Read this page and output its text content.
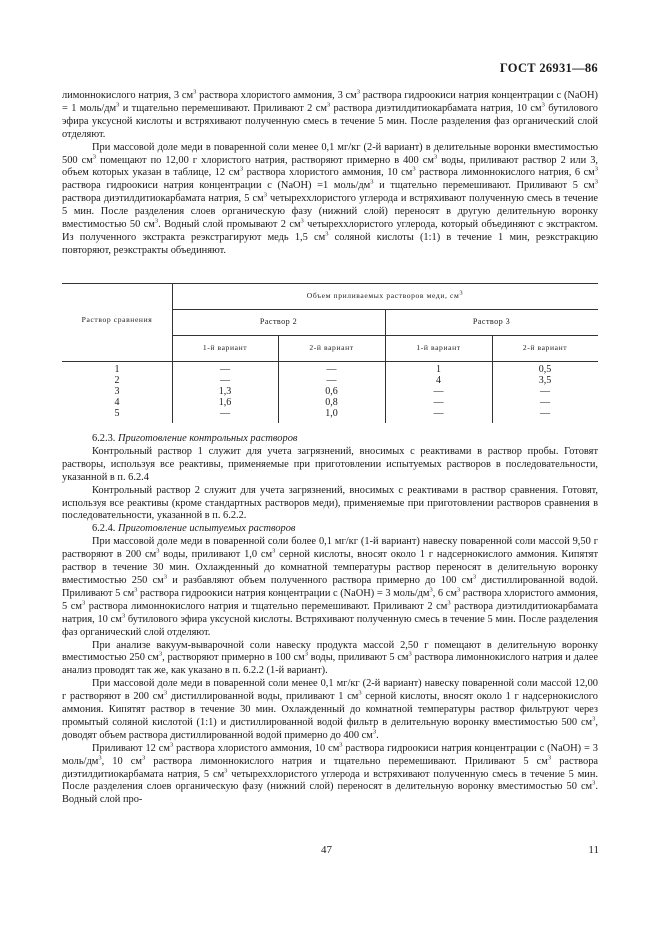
ГОСТ 26931—86

лимоннокислого натрия, 3 $см^3$ раствора хлористого аммония, 3 $см^3$ раствора гидроокиси натрия концентрации c (NaOH) = 1 моль/$дм^3$ и тщательно перемешивают. Приливают 2 $см^3$ раствора диэтилдитиокарбамата натрия, 10 $см^3$ бутилового эфира уксусной кислоты и встряхивают полученную смесь в течение 5 мин. После разделения фаз органический слой отделяют.

При массовой доле меди в поваренной соли менее 0,1 мг/кг (2-й вариант) в делительные воронки вместимостью 500 $см^3$ помещают по 12,00 г хлористого натрия, растворяют примерно в 400 $см^3$ воды, приливают раствор 2 или 3, объем которых указан в таблице, 12 $см^3$ раствора хлористого аммония, 10 $см^3$ раствора лимоннокислого натрия, 6 $см^3$ раствора гидроокиси натрия концентрации c (NaOH) =1 моль/$дм^3$ и тщательно перемешивают. Приливают 5 $см^3$ раствора диэтилдитиокарбамата натрия, 5 $см^3$ четыреххлористого углерода и встряхивают полученную смесь в течение 5 мин. После разделения слоев органическую фазу (нижний слой) переносят в другую делительную воронку вместимостью 50 $см^3$. Водный слой промывают 2 $см^3$ четыреххлористого углерода, который объединяют с экстрактом. Из полученного экстракта реэкстрагируют медь 1,5 $см^3$ соляной кислоты (1:1) в течение 1 мин, реэкстракцию повторяют, реэкстракты объединяют.

Раствор сравнения
Объем приливаемых растворов меди, $см^3$
Раствор 2	Раствор 3
1-й вариант	2-й вариант	1-й вариант	2-й вариант
1	—	—	1	0,5
2	—	—	4	3,5
3	1,3	0,6	—	—
4	1,6	0,8	—	—
5	—	1,0	—	—

6.2.3. Приготовление контрольных растворов

Контрольный раствор 1 служит для учета загрязнений, вносимых с реактивами в раствор пробы. Готовят растворы, используя все реактивы, применяемые при приготовлении испытуемых растворов в последовательности, указанной в п. 6.2.4

Контрольный раствор 2 служит для учета загрязнений, вносимых с реактивами в раствор сравнения. Готовят, используя все реактивы (кроме стандартных растворов меди), применяемые при приготовлении растворов сравнения в последовательности, указанной в п. 6.2.2.

6.2.4. Приготовление испытуемых растворов

При массовой доле меди в поваренной соли более 0,1 мг/кг (1-й вариант) навеску поваренной соли массой 9,50 г растворяют в 200 $см^3$ воды, приливают 1,0 $см^3$ серной кислоты, вносят около 1 г надсернокислого аммония. Кипятят раствор в течение 30 мин. Охлажденный до комнатной температуры раствор переносят в делительную воронку вместимостью 250 $см^3$ и разбавляют объем полученного раствора примерно до 100 $см^3$ дистиллированной водой. Приливают 5 $см^3$ раствора гидроокиси натрия концентрации c (NaOH) = 3 моль/$дм^3$, 6 $см^3$ раствора хлористого аммония, 5 $см^3$ раствора лимоннокислого натрия и тщательно перемешивают. Приливают 2 $см^3$ раствора диэтилдитиокарбамата натрия, 10 $см^3$ бутилового эфира уксусной кислоты. Встряхивают полученную смесь в течение 5 мин. После разделения фаз органический слой отделяют.

При анализе вакуум-выварочной соли навеску продукта массой 2,50 г помещают в делительную воронку вместимостью 250 $см^3$, растворяют примерно в 100 $см^3$ воды, приливают 5 $см^3$ раствора лимоннокислого натрия и далее анализ проводят так же, как указано в п. 6.2.2 (1-й вариант).

При массовой доле меди в поваренной соли менее 0,1 мг/кг (2-й вариант) навеску поваренной соли массой 12,00 г растворяют в 200 $см^3$ дистиллированной воды, приливают 1 $см^3$ серной кислоты, вносят около 1 г надсернокислого аммония. Кипятят раствор в течение 30 мин. Охлажденный до комнатной температуры раствор фильтруют через промытый соляной кислотой (1:1) и дистиллированной водой фильтр в делительную воронку вместимостью 500 $см^3$, доводят объем раствора дистиллированной водой примерно до 400 $см^3$.

Приливают 12 $см^3$ раствора хлористого аммония, 10 $см^3$ раствора гидроокиси натрия концентрации c (NaOH) = 3 моль/$дм^3$, 10 $см^3$ раствора лимоннокислого натрия и тщательно перемешивают. Приливают 5 $см^3$ раствора диэтилдитиокарбамата натрия, 5 $см^3$ четыреххлористого углерода и встряхивают полученную смесь в течение 5 мин. После разделения слоев органическую фазу (нижний слой) переносят в делительную воронку вместимостью 50 $см^3$. Водный слой про-

47	11
